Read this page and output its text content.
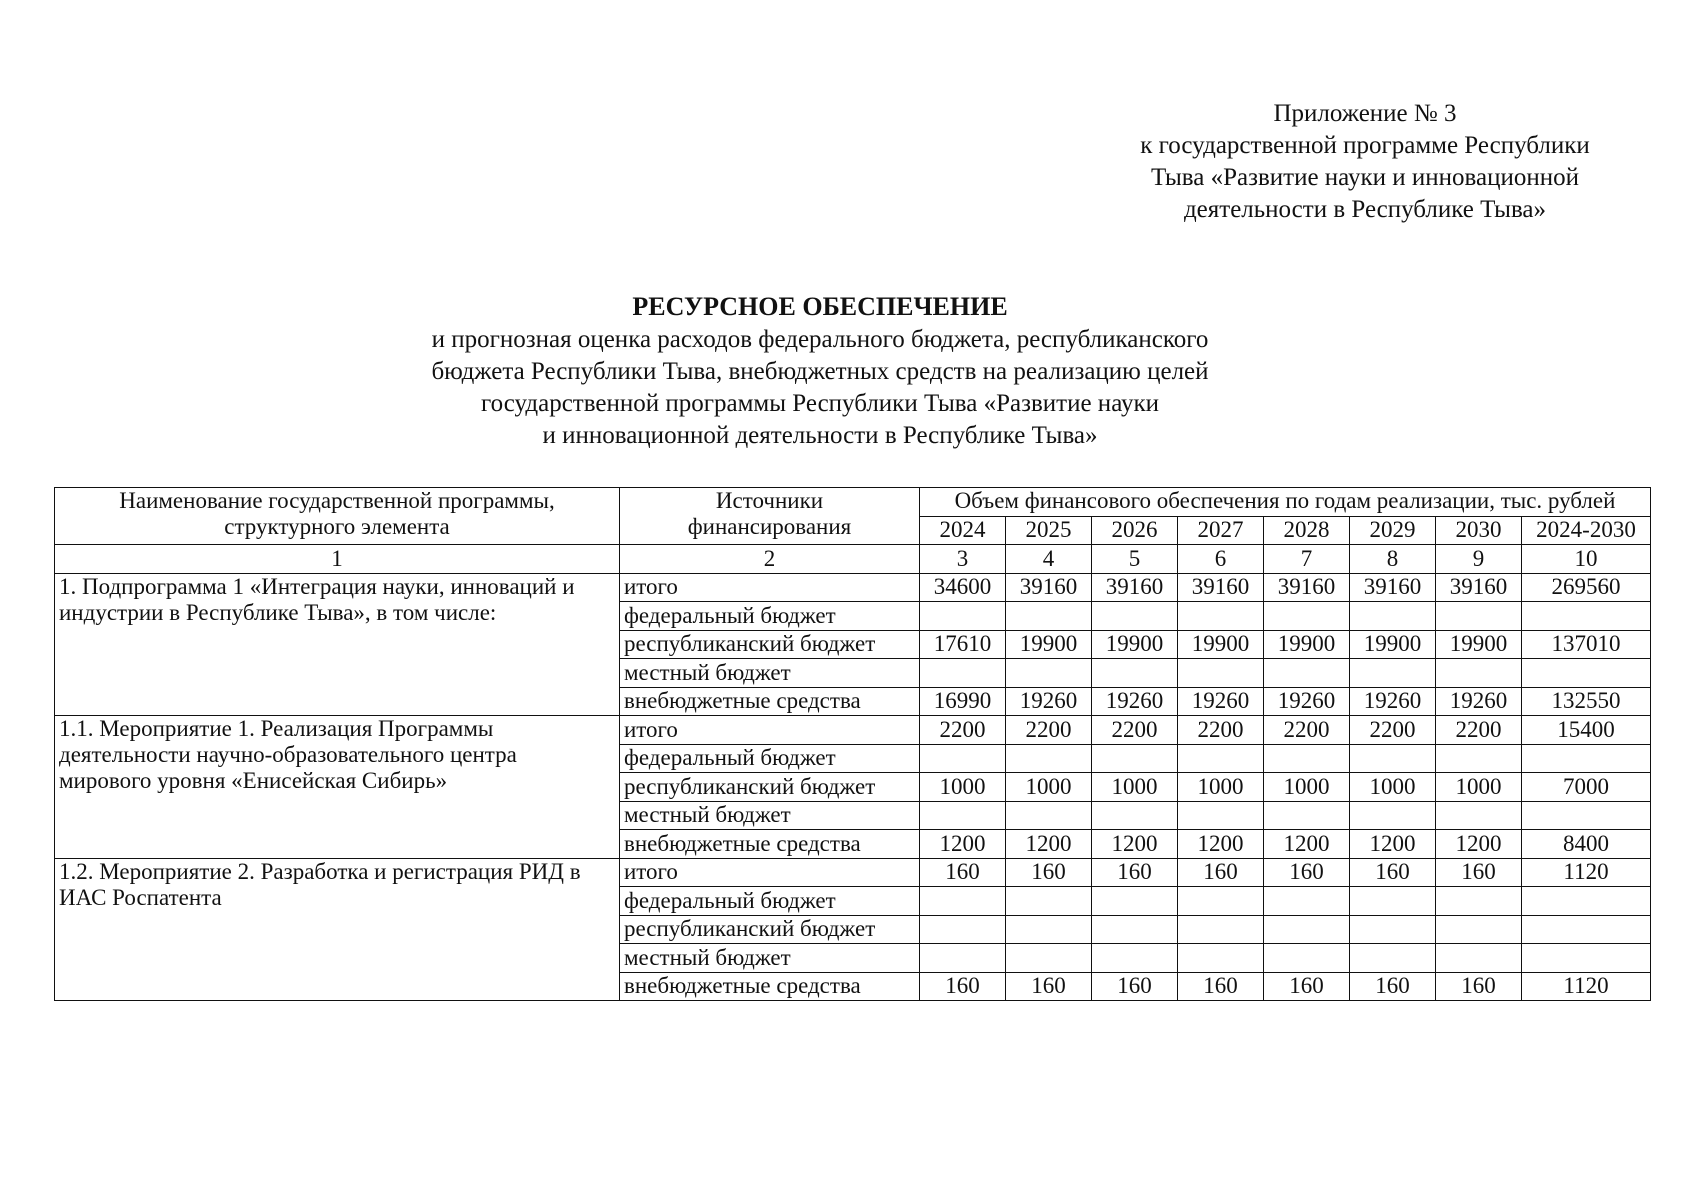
Приложение № 3
к государственной программе Республики
Тыва «Развитие науки и инновационной
деятельности в Республике Тыва»
РЕСУРСНОЕ ОБЕСПЕЧЕНИЕ
и прогнозная оценка расходов федерального бюджета, республиканского
бюджета Республики Тыва, внебюджетных средств на реализацию целей
государственной программы Республики Тыва «Развитие науки
и инновационной деятельности в Республике Тыва»
Наименование государственной программы, структурного элемента	Источники финансирования	Объем финансового обеспечения по годам реализации, тыс. рублей							
		2024	2025	2026	2027	2028	2029	2030	2024-2030
1	2	3	4	5	6	7	8	9	10
1. Подпрограмма 1 «Интеграция науки, инноваций и индустрии в Республике Тыва», в том числе:	итого	34600	39160	39160	39160	39160	39160	39160	269560
	федеральный бюджет								
	республиканский бюджет	17610	19900	19900	19900	19900	19900	19900	137010
	местный бюджет								
	внебюджетные средства	16990	19260	19260	19260	19260	19260	19260	132550
1.1. Мероприятие 1. Реализация Программы деятельности научно-образовательного центра мирового уровня «Енисейская Сибирь»	итого	2200	2200	2200	2200	2200	2200	2200	15400
	федеральный бюджет								
	республиканский бюджет	1000	1000	1000	1000	1000	1000	1000	7000
	местный бюджет								
	внебюджетные средства	1200	1200	1200	1200	1200	1200	1200	8400
1.2. Мероприятие 2. Разработка и регистрация РИД в ИАС Роспатента	итого	160	160	160	160	160	160	160	1120
	федеральный бюджет								
	республиканский бюджет								
	местный бюджет								
	внебюджетные средства	160	160	160	160	160	160	160	1120
